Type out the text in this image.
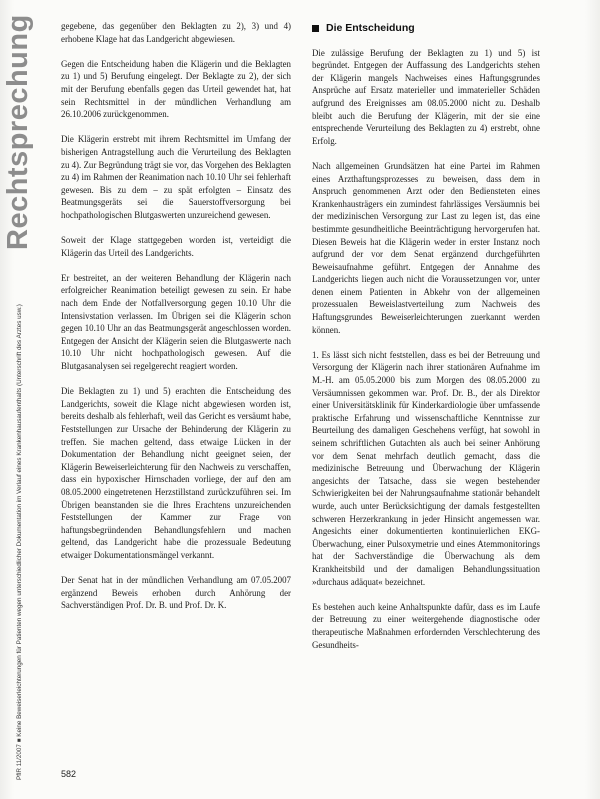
PflR 11/2007 ■ Keine Beweiserleichterungen für Patienten wegen unterschiedlicher Dokumentation im Verlauf eines Krankenhausaufenthalts (Unterschrift des Arztes usw.)

gegebene, das gegenüber den Beklagten zu 2), 3) und 4) erhobene Klage hat das Landgericht abgewiesen.

Gegen die Entscheidung haben die Klägerin und die Beklagten zu 1) und 5) Berufung eingelegt. Der Beklagte zu 2), der sich mit der Berufung ebenfalls gegen das Urteil gewendet hat, hat sein Rechtsmittel in der mündlichen Verhandlung am 26.10.2006 zurückgenommen.

Die Klägerin erstrebt mit ihrem Rechtsmittel im Umfang der bisherigen Antragstellung auch die Verurteilung des Beklagten zu 4). Zur Begründung trägt sie vor, das Vorgehen des Beklagten zu 4) im Rahmen der Reanimation nach 10.10 Uhr sei fehlerhaft gewesen. Bis zu dem – zu spät erfolgten – Einsatz des Beatmungsgeräts sei die Sauerstoffversorgung bei hochpathologischen Blutgaswerten unzureichend gewesen.

Soweit der Klage stattgegeben worden ist, verteidigt die Klägerin das Urteil des Landgerichts.

Er bestreitet, an der weiteren Behandlung der Klägerin nach erfolgreicher Reanimation beteiligt gewesen zu sein. Er habe nach dem Ende der Notfallversorgung gegen 10.10 Uhr die Intensivstation verlassen. Im Übrigen sei die Klägerin schon gegen 10.10 Uhr an das Beatmungsgerät angeschlossen worden. Entgegen der Ansicht der Klägerin seien die Blutgaswerte nach 10.10 Uhr nicht hochpathologisch gewesen. Auf die Blutgasanalysen sei regelgerecht reagiert worden.

Die Beklagten zu 1) und 5) erachten die Entscheidung des Landgerichts, soweit die Klage nicht abgewiesen worden ist, bereits deshalb als fehlerhaft, weil das Gericht es versäumt habe, Feststellungen zur Ursache der Behinderung der Klägerin zu treffen. Sie machen geltend, dass etwaige Lücken in der Dokumentation der Behandlung nicht geeignet seien, der Klägerin Beweiserleichterung für den Nachweis zu verschaffen, dass ein hypoxischer Hirnschaden vorliege, der auf den am 08.05.2000 eingetretenen Herzstillstand zurückzuführen sei. Im Übrigen beanstanden sie die Ihres Erachtens unzureichenden Feststellungen der Kammer zur Frage von haftungsbegründenden Behandlungsfehlern und machen geltend, das Landgericht habe die prozessuale Bedeutung etwaiger Dokumentationsmängel verkannt.

Der Senat hat in der mündlichen Verhandlung am 07.05.2007 ergänzend Beweis erhoben durch Anhörung der Sachverständigen Prof. Dr. B. und Prof. Dr. K.

Die Entscheidung

Die zulässige Berufung der Beklagten zu 1) und 5) ist begründet. Entgegen der Auffassung des Landgerichts stehen der Klägerin mangels Nachweises eines Haftungsgrundes Ansprüche auf Ersatz materieller und immaterieller Schäden aufgrund des Ereignisses am 08.05.2000 nicht zu. Deshalb bleibt auch die Berufung der Klägerin, mit der sie eine entsprechende Verurteilung des Beklagten zu 4) erstrebt, ohne Erfolg.

Nach allgemeinen Grundsätzen hat eine Partei im Rahmen eines Arzthaftungsprozesses zu beweisen, dass dem in Anspruch genommenen Arzt oder den Bediensteten eines Krankenhausträgers ein zumindest fahrlässiges Versäumnis bei der medizinischen Versorgung zur Last zu legen ist, das eine bestimmte gesundheitliche Beeinträchtigung hervorgerufen hat. Diesen Beweis hat die Klägerin weder in erster Instanz noch aufgrund der vor dem Senat ergänzend durchgeführten Beweisaufnahme geführt. Entgegen der Annahme des Landgerichts liegen auch nicht die Voraussetzungen vor, unter denen einem Patienten in Abkehr von der allgemeinen prozessualen Beweislastverteilung zum Nachweis des Haftungsgrundes Beweiserleichterungen zuerkannt werden können.

1. Es lässt sich nicht feststellen, dass es bei der Betreuung und Versorgung der Klägerin nach ihrer stationären Aufnahme im M.-H. am 05.05.2000 bis zum Morgen des 08.05.2000 zu Versäumnissen gekommen war. Prof. Dr. B., der als Direktor einer Universitätsklinik für Kinderkardiologie über umfassende praktische Erfahrung und wissenschaftliche Kenntnisse zur Beurteilung des damaligen Geschehens verfügt, hat sowohl in seinem schriftlichen Gutachten als auch bei seiner Anhörung vor dem Senat mehrfach deutlich gemacht, dass die medizinische Betreuung und Überwachung der Klägerin angesichts der Tatsache, dass sie wegen bestehender Schwierigkeiten bei der Nahrungsaufnahme stationär behandelt wurde, auch unter Berücksichtigung der damals festgestellten schweren Herzerkrankung in jeder Hinsicht angemessen war. Angesichts einer dokumentierten kontinuierlichen EKG-Überwachung, einer Pulsoxymetrie und eines Atemmonitorings hat der Sachverständige die Überwachung als dem Krankheitsbild und der damaligen Behandlungssituation »durchaus adäquat« bezeichnet.

Es bestehen auch keine Anhaltspunkte dafür, dass es im Laufe der Betreuung zu einer weitergehende diagnostische oder therapeutische Maßnahmen erfordernden Verschlechterung des Gesundheits-

582
